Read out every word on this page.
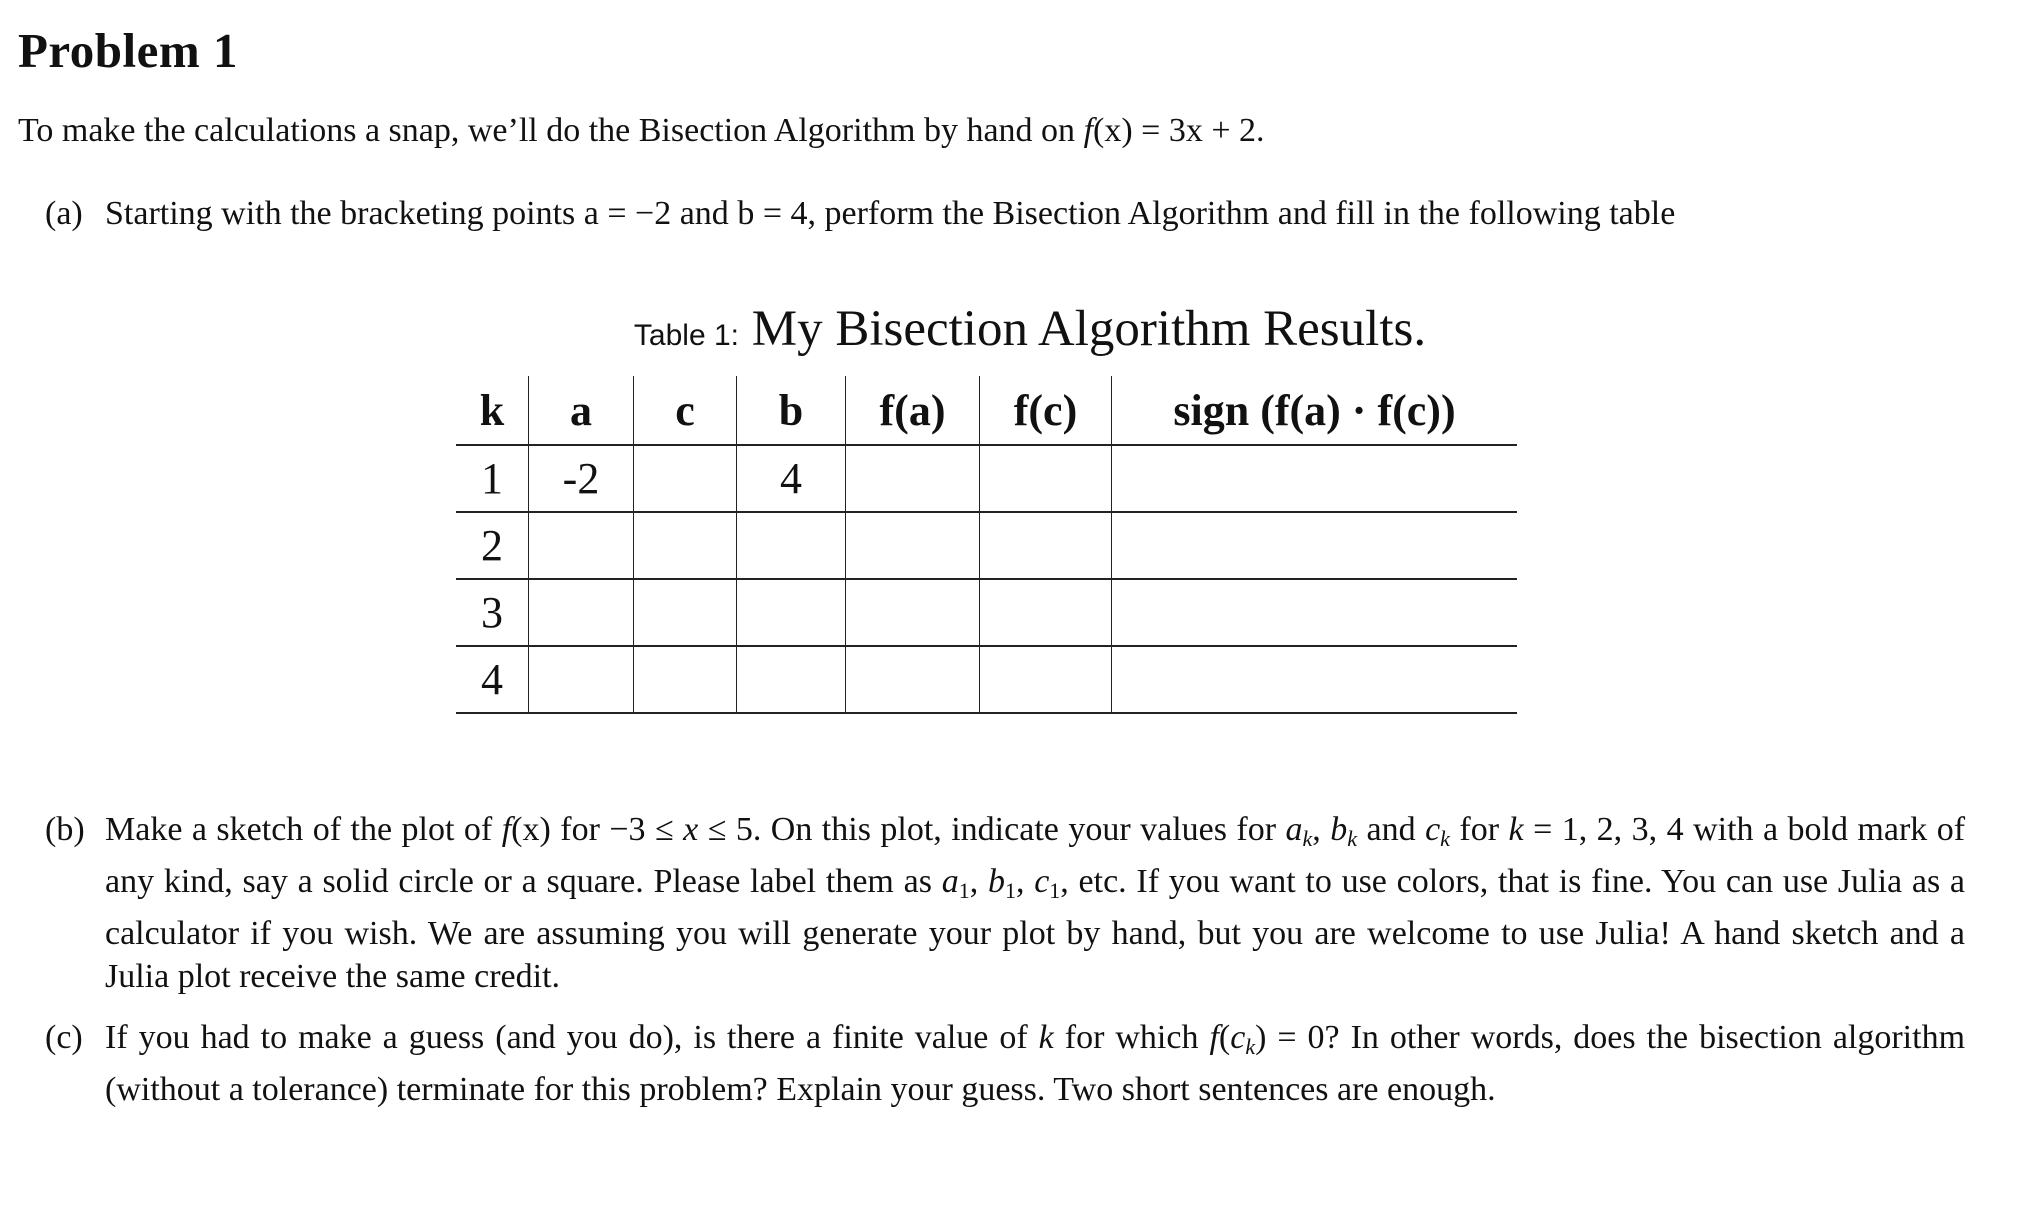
Problem 1
To make the calculations a snap, we’ll do the Bisection Algorithm by hand on f(x) = 3x + 2.
(a) Starting with the bracketing points a = −2 and b = 4, perform the Bisection Algorithm and fill in the following table
Table 1: My Bisection Algorithm Results.
k	a	c	b	f(a)	f(c)	sign (f(a) · f(c))
1	-2		4			
2						
3						
4						
(b) Make a sketch of the plot of f(x) for −3 ≤ x ≤ 5. On this plot, indicate your values for $a_k$, $b_k$ and $c_k$ for k = 1, 2, 3, 4 with a bold mark of any kind, say a solid circle or a square. Please label them as $a_1$, $b_1$, $c_1$, etc. If you want to use colors, that is fine. You can use Julia as a calculator if you wish. We are assuming you will generate your plot by hand, but you are welcome to use Julia! A hand sketch and a Julia plot receive the same credit.
(c) If you had to make a guess (and you do), is there a finite value of k for which $f(c_k) = 0$? In other words, does the bisection algorithm (without a tolerance) terminate for this problem? Explain your guess. Two short sentences are enough.
